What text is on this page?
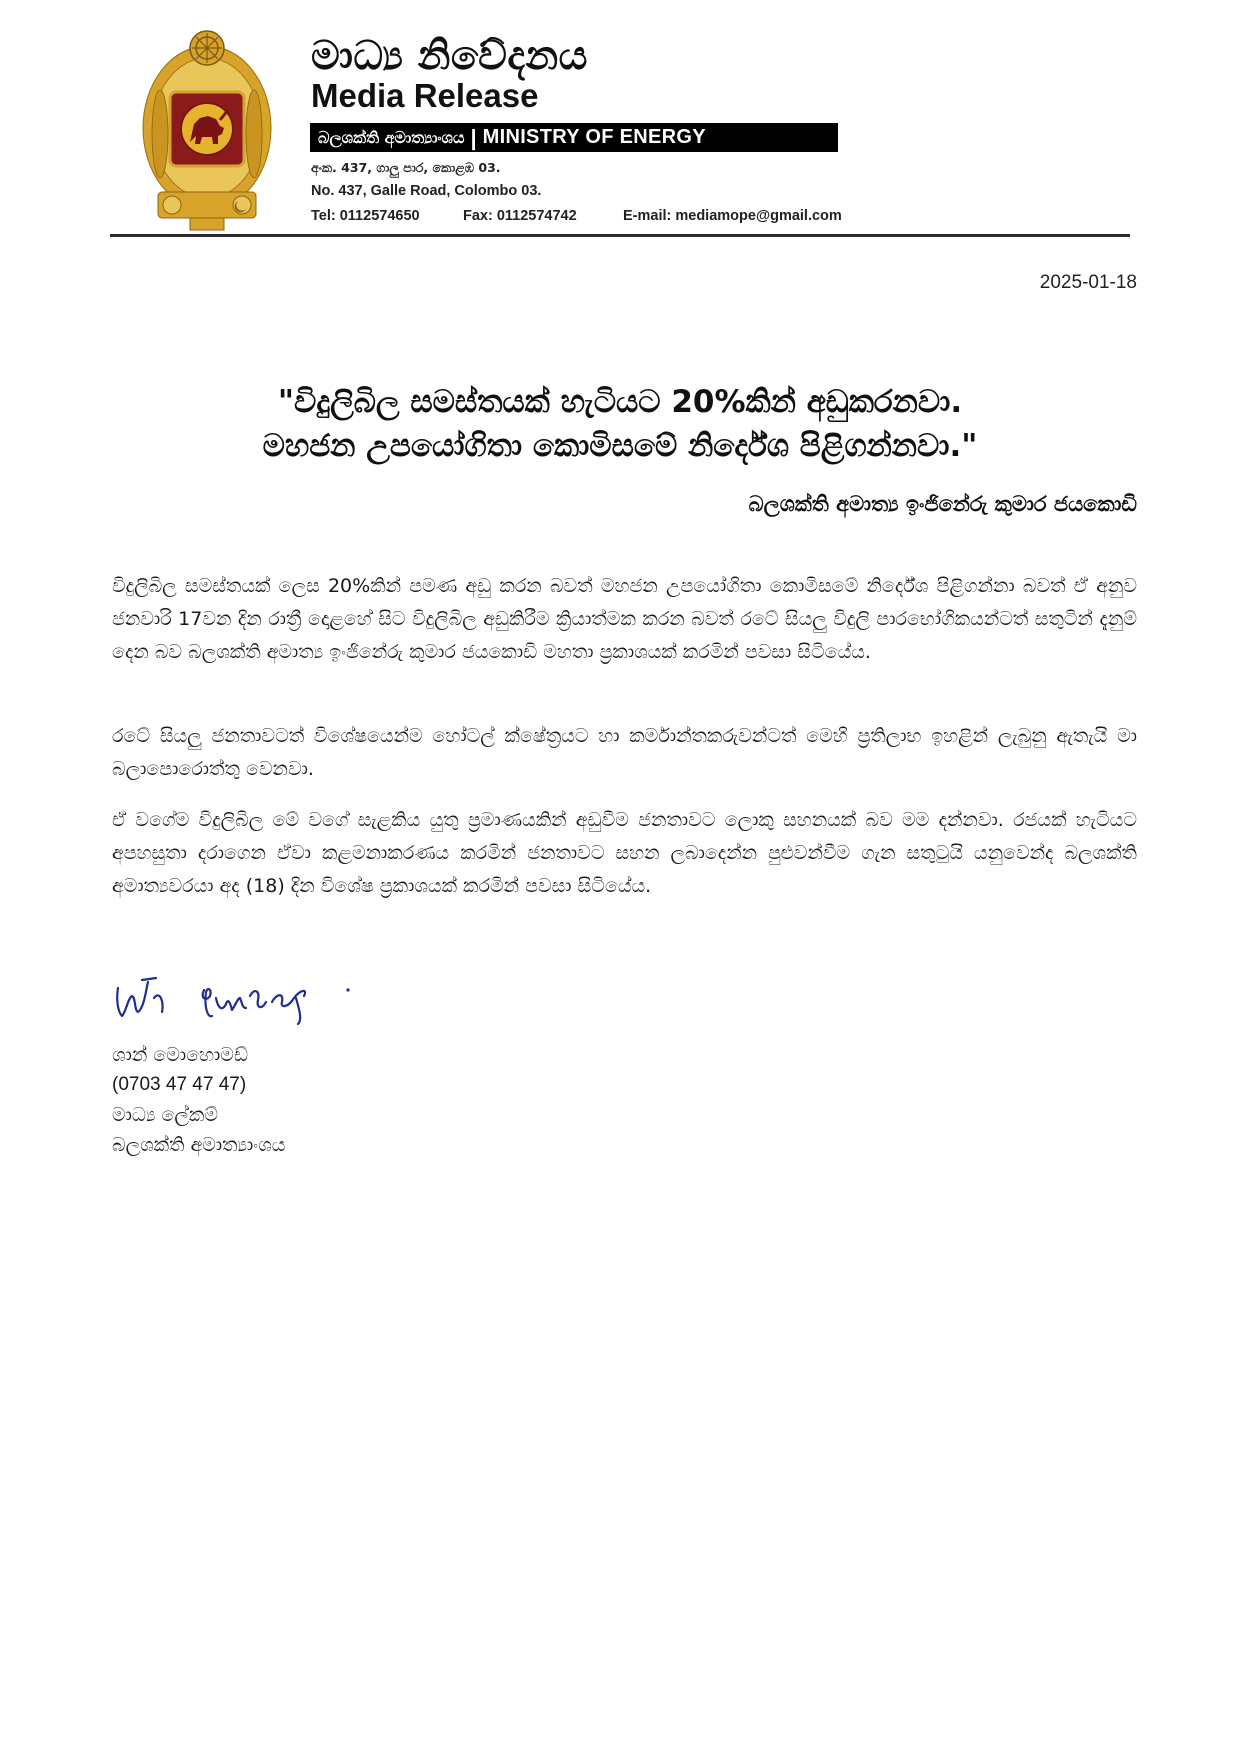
මාධ්‍ය නිවේදනය
Media Release
බලශක්ති අමාත්‍යාංශය | MINISTRY OF ENERGY
අංක. 437, ගාලු පාර, කොළඹ 03.
No. 437, Galle Road, Colombo 03.
Tel: 0112574650	Fax: 0112574742	E-mail: mediamope@gmail.com
2025-01-18
"විදුලිබිල සමස්තයක් හැටියට 20%කින් අඩුකරනවා.
මහජන උපයෝගිතා කොමිසමේ නිර්දේශ පිළිගන්නවා."
බලශක්ති අමාත්‍ය ඉංජිනේරු කුමාර ජයකොඩි
විදුලිබිල සමස්තයක් ලෙස 20%කින් පමණ අඩු කරන බවත් මහජන උපයෝගිතා කොමිසමේ නිර්දේශ පිළිගන්නා බවත් ඒ අනුව ජනවාරි 17වන දින රාත්‍රී දොළහේ සිට විදුලිබිල අඩුකිරීම ක්‍රියාත්මක කරන බවත් රටේ සියලු විදුලි පාරභෝගිකයන්ටත් සතුටින් දැනුම් දෙන බව බලශක්ති අමාත්‍ය ඉංජිනේරු කුමාර ජයකොඩි මහතා ප්‍රකාශයක් කරමින් පවසා සිටියේය.
රටේ සියලු ජනතාවටත් විශේෂයෙන්ම හෝටල් ක්ෂේත්‍රයට හා කර්මාන්තකරුවන්ටත් මෙහි ප්‍රතිලාභ ඉහළින් ලැබුනු ඇතැයි මා බලාපොරොත්තු වෙනවා.
ඒ වගේම විදුලිබිල මේ වගේ සැළකිය යුතු ප්‍රමාණයකින් අඩුවීම ජනතාවට ලොකු සහනයක් බව මම දන්නවා. රජයක් හැටියට අපහසුතා දරාගෙන ඒවා කළමනාකරණය කරමින් ජනතාවට සහන ලබාදෙන්න පුළුවන්වීම ගැන සතුටුයි යනුවෙන්ද බලශක්ති අමාත්‍යවරයා අද (18) දින විශේෂ ප්‍රකාශයක් කරමින් පවසා සිටියේය.
ශාන් මොහොමඩ්
(0703 47 47 47)
මාධ්‍ය ලේකම්
බලශක්ති අමාත්‍යාංශය
